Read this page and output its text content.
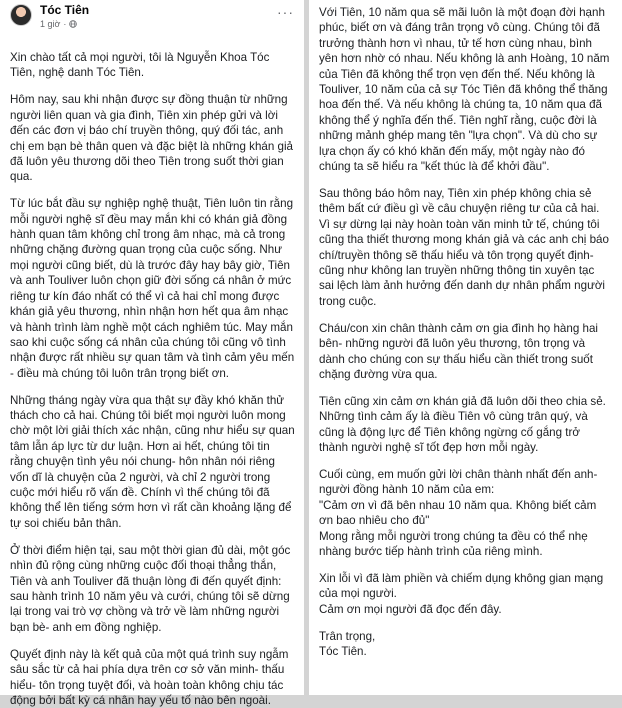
Tóc Tiên
1 giờ ·
···

Xin chào tất cả mọi người, tôi là Nguyễn Khoa Tóc Tiên, nghệ danh Tóc Tiên.

Hôm nay, sau khi nhận được sự đồng thuận từ những người liên quan và gia đình, Tiên xin phép gửi và lời đến các đơn vị báo chí truyền thông, quý đối tác, anh chị em bạn bè thân quen và đặc biệt là những khán giả đã luôn yêu thương dõi theo Tiên trong suốt thời gian qua.

Từ lúc bắt đầu sự nghiệp nghệ thuật, Tiên luôn tin rằng mỗi người nghệ sĩ đều may mắn khi có khán giả đồng hành quan tâm không chỉ trong âm nhạc, mà cả trong những chặng đường quan trọng của cuộc sống. Như mọi người cũng biết, dù là trước đây hay bây giờ, Tiên và anh Touliver luôn chọn giữ đời sống cá nhân ở mức riêng tư kín đáo nhất có thể vì cả hai chỉ mong được khán giả yêu thương, nhìn nhận hơn hết qua âm nhạc và hành trình làm nghề một cách nghiêm túc. May mắn sao khi cuộc sống cá nhân của chúng tôi cũng vô tình nhận được rất nhiều sự quan tâm và tình cảm yêu mến - điều mà chúng tôi luôn trân trọng biết ơn.

Những tháng ngày vừa qua thật sự đầy khó khăn thử thách cho cả hai. Chúng tôi biết mọi người luôn mong chờ một lời giải thích xác nhận, cũng như hiểu sự quan tâm lẫn áp lực từ dư luận. Hơn ai hết, chúng tôi tin rằng chuyện tình yêu nói chung- hôn nhân nói riêng vốn dĩ là chuyện của 2 người, và chỉ 2 người trong cuộc mới hiểu rõ vấn đề. Chính vì thế chúng tôi đã không thể lên tiếng sớm hơn vì rất cần khoảng lặng để tự soi chiếu bản thân.

Ở thời điểm hiện tại, sau một thời gian đủ dài, một góc nhìn đủ rộng cùng những cuộc đối thoại thẳng thắn, Tiên và anh Touliver đã thuận lòng đi đến quyết định: sau hành trình 10 năm yêu và cưới, chúng tôi sẽ dừng lại trong vai trò vợ chồng và trở về làm những người bạn bè- anh em đồng nghiệp.

Quyết định này là kết quả của một quá trình suy ngẫm sâu sắc từ cả hai phía dựa trên cơ sở văn minh- thấu hiểu- tôn trọng tuyệt đối, và hoàn toàn không chịu tác động bởi bất kỳ cá nhân hay yếu tố nào bên ngoài.

Với Tiên, 10 năm qua sẽ mãi luôn là một đoạn đời hạnh phúc, biết ơn và đáng trân trọng vô cùng. Chúng tôi đã trưởng thành hơn vì nhau, tử tế hơn cùng nhau, bình yên hơn nhờ có nhau. Nếu không là anh Hoàng, 10 năm của Tiên đã không thể trọn vẹn đến thế. Nếu không là Touliver, 10 năm của cả sự Tóc Tiên đã không thể thăng hoa đến thế. Và nếu không là chúng ta, 10 năm qua đã không thể ý nghĩa đến thế. Tiên nghĩ rằng, cuộc đời là những mảnh ghép mang tên "lựa chọn". Và dù cho sự lựa chọn ấy có khó khăn đến mấy, một ngày nào đó chúng ta sẽ hiểu ra "kết thúc là để khởi đầu".

Sau thông báo hôm nay, Tiên xin phép không chia sẻ thêm bất cứ điều gì về câu chuyện riêng tư của cả hai. Vì sự dừng lại này hoàn toàn văn minh tử tế, chúng tôi cũng tha thiết thương mong khán giả và các anh chị báo chí/truyền thông sẽ thấu hiểu và tôn trọng quyết định- cũng như không lan truyền những thông tin xuyên tạc sai lệch làm ảnh hưởng đến danh dự nhân phẩm người trong cuộc.

Cháu/con xin chân thành cảm ơn gia đình họ hàng hai bên- những người đã luôn yêu thương, tôn trọng và dành cho chúng con sự thấu hiểu cần thiết trong suốt chặng đường vừa qua.

Tiên cũng xin cảm ơn khán giả đã luôn dõi theo chia sẻ. Những tình cảm ấy là điều Tiên vô cùng trân quý, và cũng là động lực để Tiên không ngừng cố gắng trở thành người nghệ sĩ tốt đẹp hơn mỗi ngày.

Cuối cùng, em muốn gửi lời chân thành nhất đến anh- người đồng hành 10 năm của em:
"Cảm ơn vì đã bên nhau 10 năm qua. Không biết cảm ơn bao nhiêu cho đủ"
Mong rằng mỗi người trong chúng ta đều có thể nhẹ nhàng bước tiếp hành trình của riêng mình.

Xin lỗi vì đã làm phiền và chiếm dụng không gian mạng của mọi người.
Cảm ơn mọi người đã đọc đến đây.

Trân trọng,
Tóc Tiên.
